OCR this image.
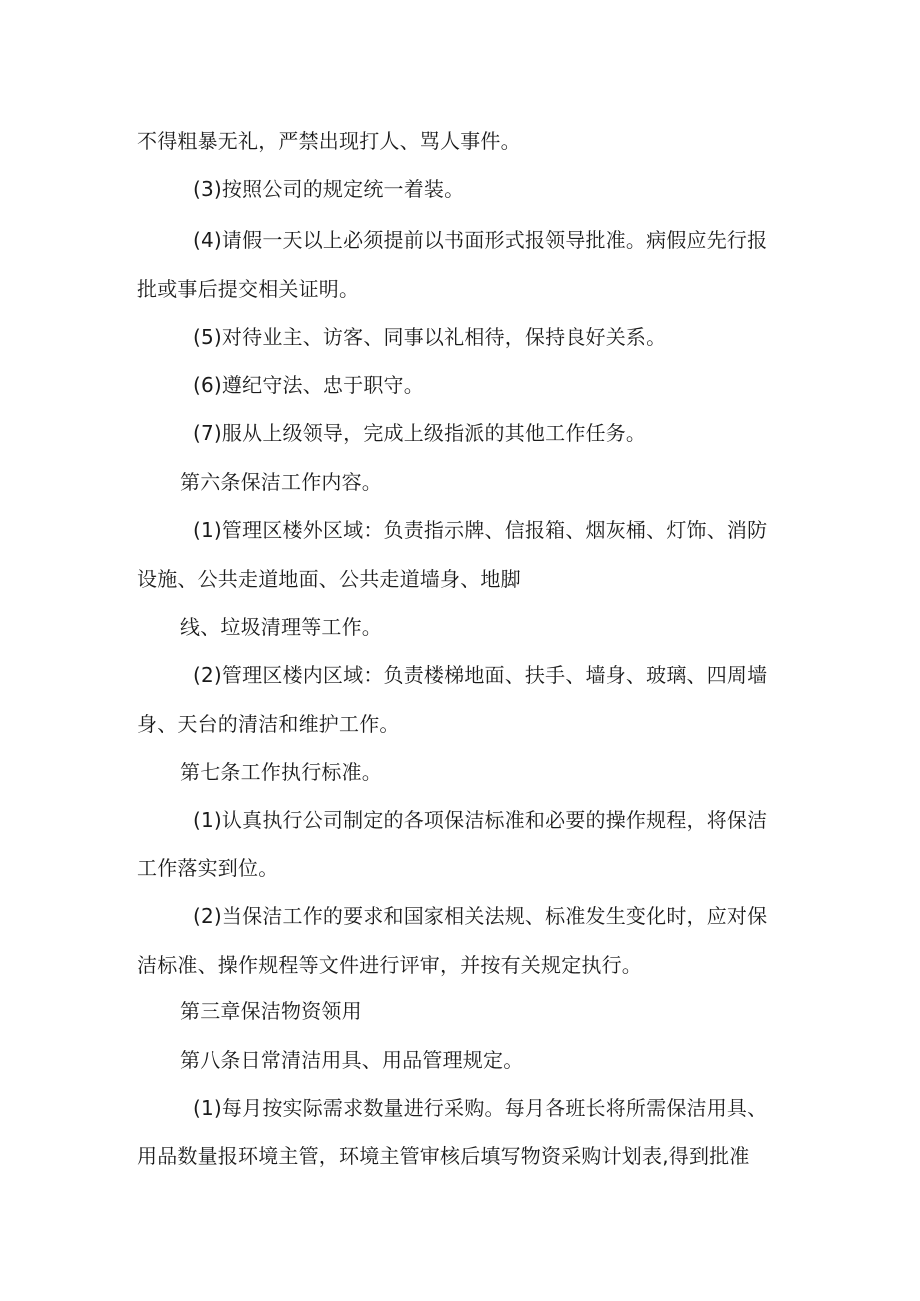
不得粗暴无礼，严禁出现打人、骂人事件。
(3)按照公司的规定统一着装。
(4)请假一天以上必须提前以书面形式报领导批准。病假应先行报
批或事后提交相关证明。
(5)对待业主、访客、同事以礼相待，保持良好关系。
(6)遵纪守法、忠于职守。
(7)服从上级领导，完成上级指派的其他工作任务。
第六条保洁工作内容。
(1)管理区楼外区域：负责指示牌、信报箱、烟灰桶、灯饰、消防
设施、公共走道地面、公共走道墙身、地脚
线、垃圾清理等工作。
(2)管理区楼内区域：负责楼梯地面、扶手、墙身、玻璃、四周墙
身、天台的清洁和维护工作。
第七条工作执行标准。
(1)认真执行公司制定的各项保洁标准和必要的操作规程，将保洁
工作落实到位。
(2)当保洁工作的要求和国家相关法规、标准发生变化时，应对保
洁标准、操作规程等文件进行评审，并按有关规定执行。
第三章保洁物资领用
第八条日常清洁用具、用品管理规定。
(1)每月按实际需求数量进行采购。每月各班长将所需保洁用具、
用品数量报环境主管，环境主管审核后填写物资采购计划表,得到批准
